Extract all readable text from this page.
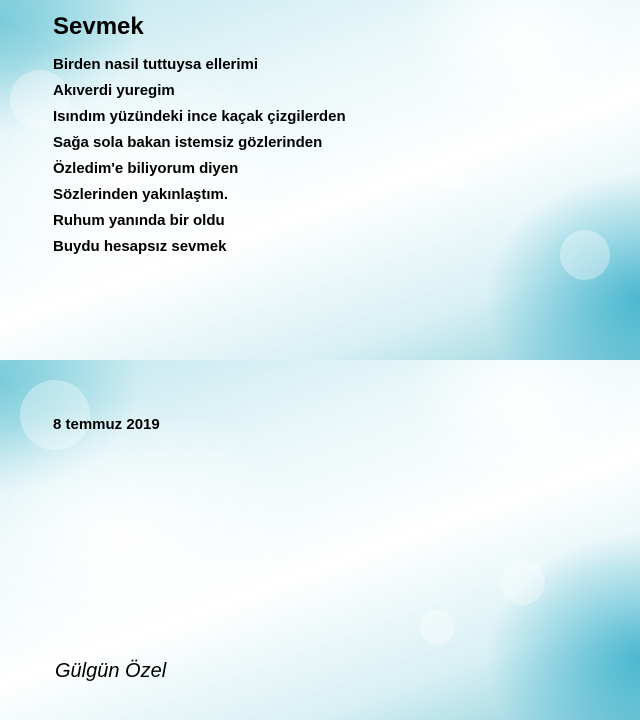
Sevmek
Birden nasil tuttuysa ellerimi
Akıverdi yuregim
Isındım yüzündeki ince kaçak çizgilerden
Sağa sola bakan istemsiz gözlerinden
Özledim'e biliyorum diyen
Sözlerinden yakınlaştım.
Ruhum yanında bir oldu
Buydu hesapsız sevmek
8 temmuz 2019
Gülgün Özel
